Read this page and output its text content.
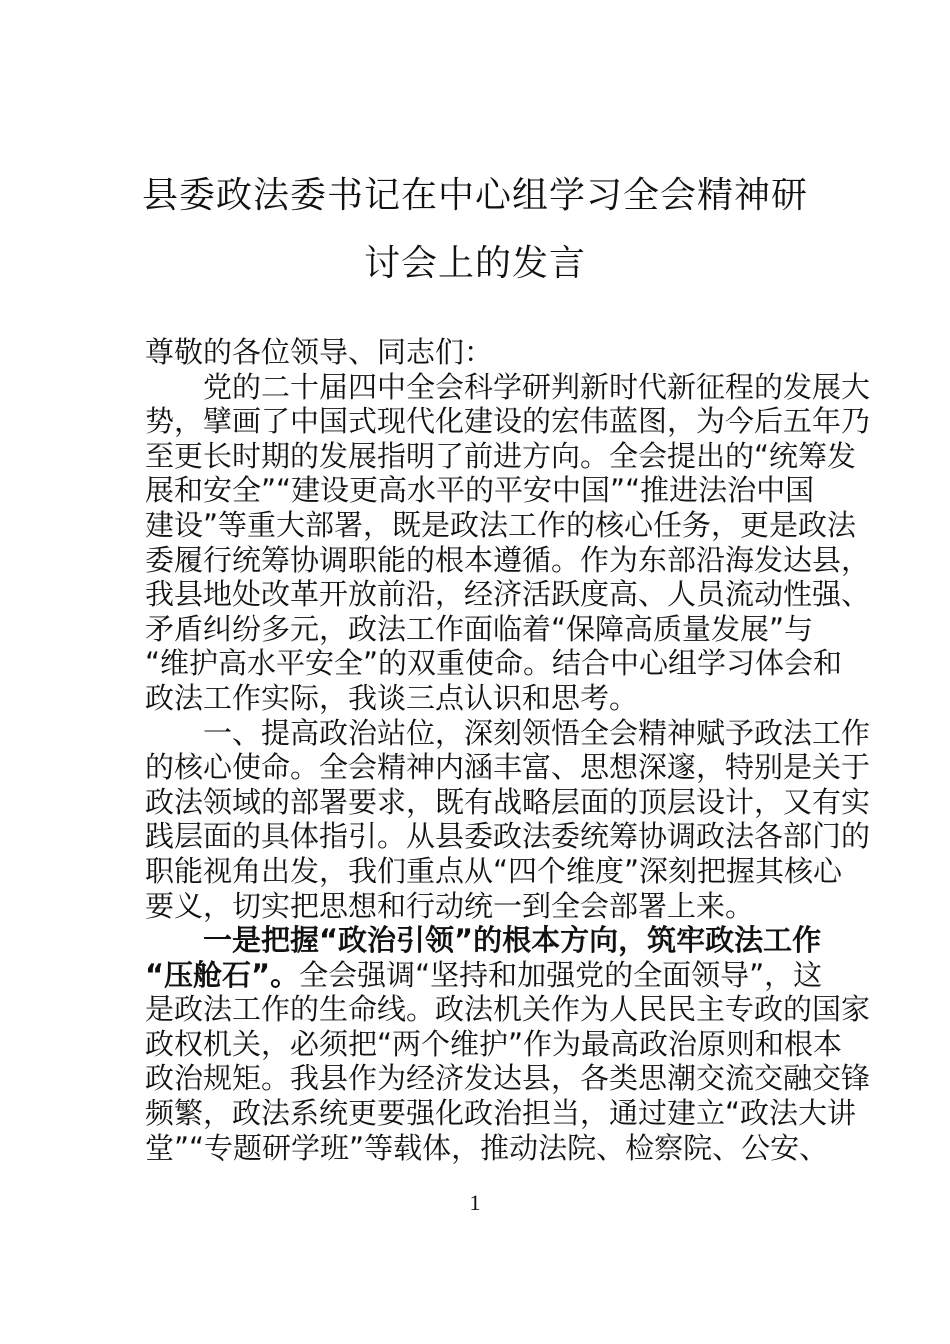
县委政法委书记在中心组学习全会精神研
讨会上的发言
尊敬的各位领导、同志们：
党的二十届四中全会科学研判新时代新征程的发展大
势，擘画了中国式现代化建设的宏伟蓝图，为今后五年乃
至更长时期的发展指明了前进方向。全会提出的“统筹发
展和安全”“建设更高水平的平安中国”“推进法治中国
建设”等重大部署，既是政法工作的核心任务，更是政法
委履行统筹协调职能的根本遵循。作为东部沿海发达县，
我县地处改革开放前沿，经济活跃度高、人员流动性强、
矛盾纠纷多元，政法工作面临着“保障高质量发展”与
“维护高水平安全”的双重使命。结合中心组学习体会和
政法工作实际，我谈三点认识和思考。
一、提高政治站位，深刻领悟全会精神赋予政法工作
的核心使命。全会精神内涵丰富、思想深邃，特别是关于
政法领域的部署要求，既有战略层面的顶层设计，又有实
践层面的具体指引。从县委政法委统筹协调政法各部门的
职能视角出发，我们重点从“四个维度”深刻把握其核心
要义，切实把思想和行动统一到全会部署上来。
一是把握“政治引领”的根本方向，筑牢政法工作
“压舱石”。全会强调“坚持和加强党的全面领导”，这
是政法工作的生命线。政法机关作为人民民主专政的国家
政权机关，必须把“两个维护”作为最高政治原则和根本
政治规矩。我县作为经济发达县，各类思潮交流交融交锋
频繁，政法系统更要强化政治担当，通过建立“政法大讲
堂”“专题研学班”等载体，推动法院、检察院、公安、
1
